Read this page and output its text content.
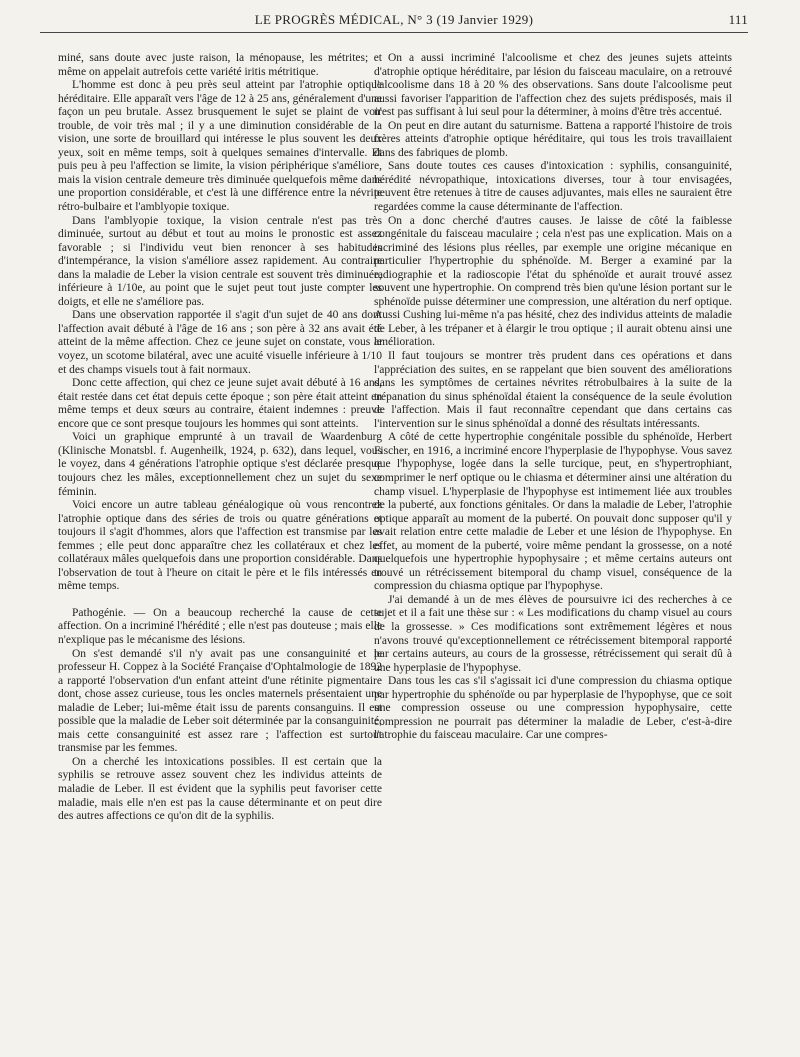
LE PROGRÈS MÉDICAL, N° 3 (19 Janvier 1929)	111

miné, sans doute avec juste raison, la ménopause, les métrites; et même on appelait autrefois cette variété iritis métritique.

L'homme est donc à peu près seul atteint par l'atrophie optique héréditaire. Elle apparaît vers l'âge de 12 à 25 ans, généralement d'une façon un peu brutale. Assez brusquement le sujet se plaint de voir trouble, de voir très mal ; il y a une diminution considérable de la vision, une sorte de brouillard qui intéresse le plus souvent les deux yeux, soit en même temps, soit à quelques semaines d'intervalle. Et puis peu à peu l'affection se limite, la vision périphérique s'améliore, mais la vision centrale demeure très diminuée quelquefois même dans une proportion considérable, et c'est là une différence entre la névrite rétro-bulbaire et l'amblyopie toxique.

Dans l'amblyopie toxique, la vision centrale n'est pas très diminuée, surtout au début et tout au moins le pronostic est assez favorable ; si l'individu veut bien renoncer à ses habitudes d'intempérance, la vision s'améliore assez rapidement. Au contraire dans la maladie de Leber la vision centrale est souvent très diminuée, inférieure à 1/10e, au point que le sujet peut tout juste compter les doigts, et elle ne s'améliore pas.

Dans une observation rapportée il s'agit d'un sujet de 40 ans dont l'affection avait débuté à l'âge de 16 ans ; son père à 32 ans avait été atteint de la même affection. Chez ce jeune sujet on constate, vous le voyez, un scotome bilatéral, avec une acuité visuelle inférieure à 1/10 et des champs visuels tout à fait normaux.

Donc cette affection, qui chez ce jeune sujet avait débuté à 16 ans, était restée dans cet état depuis cette époque ; son père était atteint en même temps et deux sœurs au contraire, étaient indemnes : preuve encore que ce sont presque toujours les hommes qui sont atteints.

Voici un graphique emprunté à un travail de Waardenburg (Klinische Monatsbl. f. Augenheilk, 1924, p. 632), dans lequel, vous le voyez, dans 4 générations l'atrophie optique s'est déclarée presque toujours chez les mâles, exceptionnellement chez un sujet du sexe féminin.

Voici encore un autre tableau généalogique où vous rencontrez l'atrophie optique dans des séries de trois ou quatre générations et toujours il s'agit d'hommes, alors que l'affection est transmise par les femmes ; elle peut donc apparaître chez les collatéraux et chez les collatéraux mâles quelquefois dans une proportion considérable. Dans l'observation de tout à l'heure on citait le père et le fils intéressés en même temps.

Pathogénie. — On a beaucoup recherché la cause de cette affection. On a incriminé l'hérédité ; elle n'est pas douteuse ; mais elle n'explique pas le mécanisme des lésions.

On s'est demandé s'il n'y avait pas une consanguinité et le professeur H. Coppez à la Société Française d'Ophtalmologie de 1892 a rapporté l'observation d'un enfant atteint d'une rétinite pigmentaire dont, chose assez curieuse, tous les oncles maternels présentaient une maladie de Leber; lui-même était issu de parents consanguins. Il est possible que la maladie de Leber soit déterminée par la consanguinité, mais cette consanguinité est assez rare ; l'affection est surtout transmise par les femmes.

On a cherché les intoxications possibles. Il est certain que la syphilis se retrouve assez souvent chez les individus atteints de maladie de Leber. Il est évident que la syphilis peut favoriser cette maladie, mais elle n'en est pas la cause déterminante et on peut dire des autres affections ce qu'on dit de la syphilis.

On a aussi incriminé l'alcoolisme et chez des jeunes sujets atteints d'atrophie optique héréditaire, par lésion du faisceau maculaire, on a retrouvé l'alcoolisme dans 18 à 20 % des observations. Sans doute l'alcoolisme peut aussi favoriser l'apparition de l'affection chez des sujets prédisposés, mais il n'est pas suffisant à lui seul pour la déterminer, à moins d'être très accentué.

On peut en dire autant du saturnisme. Battena a rapporté l'histoire de trois frères atteints d'atrophie optique héréditaire, qui tous les trois travaillaient dans des fabriques de plomb.

Sans doute toutes ces causes d'intoxication : syphilis, consanguinité, hérédité névropathique, intoxications diverses, tour à tour envisagées, peuvent être retenues à titre de causes adjuvantes, mais elles ne sauraient être regardées comme la cause déterminante de l'affection.

On a donc cherché d'autres causes. Je laisse de côté la faiblesse congénitale du faisceau maculaire ; cela n'est pas une explication. Mais on a incriminé des lésions plus réelles, par exemple une origine mécanique en particulier l'hypertrophie du sphénoïde. M. Berger a examiné par la radiographie et la radioscopie l'état du sphénoïde et aurait trouvé assez souvent une hypertrophie. On comprend très bien qu'une lésion portant sur le sphénoïde puisse déterminer une compression, une altération du nerf optique. Aussi Cushing lui-même n'a pas hésité, chez des individus atteints de maladie de Leber, à les trépaner et à élargir le trou optique ; il aurait obtenu ainsi une amélioration.

Il faut toujours se montrer très prudent dans ces opérations et dans l'appréciation des suites, en se rappelant que bien souvent des améliorations dans les symptômes de certaines névrites rétrobulbaires à la suite de la trépanation du sinus sphénoïdal étaient la conséquence de la seule évolution de l'affection. Mais il faut reconnaître cependant que dans certains cas l'intervention sur le sinus sphénoïdal a donné des résultats intéressants.

A côté de cette hypertrophie congénitale possible du sphénoïde, Herbert Fischer, en 1916, a incriminé encore l'hyperplasie de l'hypophyse. Vous savez que l'hypophyse, logée dans la selle turcique, peut, en s'hypertrophiant, comprimer le nerf optique ou le chiasma et déterminer ainsi une altération du champ visuel. L'hyperplasie de l'hypophyse est intimement liée aux troubles de la puberté, aux fonctions génitales. Or dans la maladie de Leber, l'atrophie optique apparaît au moment de la puberté. On pouvait donc supposer qu'il y avait relation entre cette maladie de Leber et une lésion de l'hypophyse. En effet, au moment de la puberté, voire même pendant la grossesse, on a noté quelquefois une hypertrophie hypophysaire ; et même certains auteurs ont trouvé un rétrécissement bitemporal du champ visuel, conséquence de la compression du chiasma optique par l'hypophyse.

J'ai demandé à un de mes élèves de poursuivre ici des recherches à ce sujet et il a fait une thèse sur : « Les modifications du champ visuel au cours de la grossesse. » Ces modifications sont extrêmement légères et nous n'avons trouvé qu'exceptionnellement ce rétrécissement bitemporal rapporté par certains auteurs, au cours de la grossesse, rétrécissement qui serait dû à une hyperplasie de l'hypophyse.

Dans tous les cas s'il s'agissait ici d'une compression du chiasma optique par hypertrophie du sphénoïde ou par hyperplasie de l'hypophyse, que ce soit une compression osseuse ou une compression hypophysaire, cette compression ne pourrait pas déterminer la maladie de Leber, c'est-à-dire l'atrophie du faisceau maculaire. Car une compres-
